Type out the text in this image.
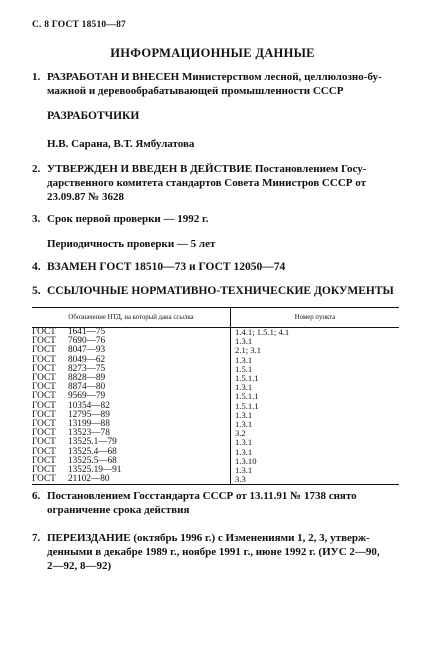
С. 8 ГОСТ 18510—87
ИНФОРМАЦИОННЫЕ ДАННЫЕ
1. РАЗРАБОТАН И ВНЕСЕН Министерством лесной, целлюлозно-бу-
мажной и деревообрабатывающей промышленности СССР
РАЗРАБОТЧИКИ
Н.В. Сарана, В.Т. Ямбулатова
2. УТВЕРЖДЕН И ВВЕДЕН В ДЕЙСТВИЕ Постановлением Госу-
дарственного комитета стандартов Совета Министров СССР от
23.09.87 № 3628
3. Срок первой проверки — 1992 г.
Периодичность проверки — 5 лет
4. ВЗАМЕН ГОСТ 18510—73 и ГОСТ 12050—74
5. ССЫЛОЧНЫЕ НОРМАТИВНО-ТЕХНИЧЕСКИЕ ДОКУМЕНТЫ
Обозначение НТД, на который дана ссылка	Номер пункта
ГОСТ 1641—75	1.4.1; 1.5.1; 4.1
ГОСТ 7690—76	1.3.1
ГОСТ 8047—93	2.1; 3.1
ГОСТ 8049—62	1.3.1
ГОСТ 8273—75	1.5.1
ГОСТ 8828—89	1.5.1.1
ГОСТ 8874—80	1.3.1
ГОСТ 9569—79	1.5.1.1
ГОСТ 10354—82	1.5.1.1
ГОСТ 12795—89	1.3.1
ГОСТ 13199—88	1.3.1
ГОСТ 13523—78	3.2
ГОСТ 13525.1—79	1.3.1
ГОСТ 13525.4—68	1.3.1
ГОСТ 13525.5—68	1.3.10
ГОСТ 13525.19—91	1.3.1
ГОСТ 21102—80	3.3
6. Постановлением Госстандарта СССР от 13.11.91 № 1738 снято
ограничение срока действия
7. ПЕРЕИЗДАНИЕ (октябрь 1996 г.) с Изменениями 1, 2, 3, утверж-
денными в декабре 1989 г., ноябре 1991 г., июне 1992 г. (ИУС 2—90,
2—92, 8—92)
